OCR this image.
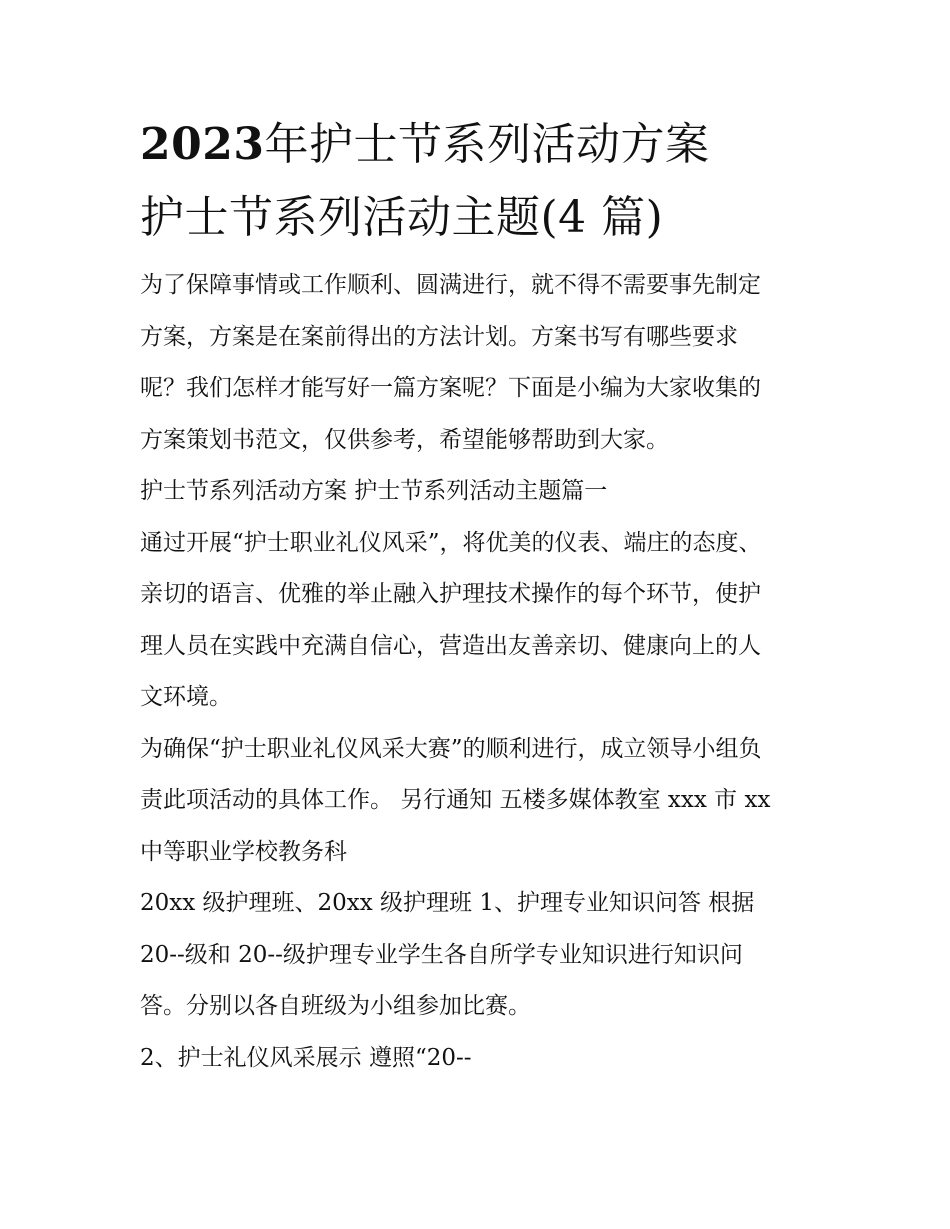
2023年护士节系列活动方案
护士节系列活动主题(4 篇)
为了保障事情或工作顺利、圆满进行，就不得不需要事先制定
方案，方案是在案前得出的方法计划。方案书写有哪些要求
呢？我们怎样才能写好一篇方案呢？下面是小编为大家收集的
方案策划书范文，仅供参考，希望能够帮助到大家。
护士节系列活动方案 护士节系列活动主题篇一
通过开展“护士职业礼仪风采”，将优美的仪表、端庄的态度、
亲切的语言、优雅的举止融入护理技术操作的每个环节，使护
理人员在实践中充满自信心，营造出友善亲切、健康向上的人
文环境。
为确保“护士职业礼仪风采大赛”的顺利进行，成立领导小组负
责此项活动的具体工作。 另行通知 五楼多媒体教室 xxx 市 xx
中等职业学校教务科
20xx 级护理班、20xx 级护理班 1、护理专业知识问答 根据
20--级和 20--级护理专业学生各自所学专业知识进行知识问
答。分别以各自班级为小组参加比赛。
2、护士礼仪风采展示 遵照“20--
